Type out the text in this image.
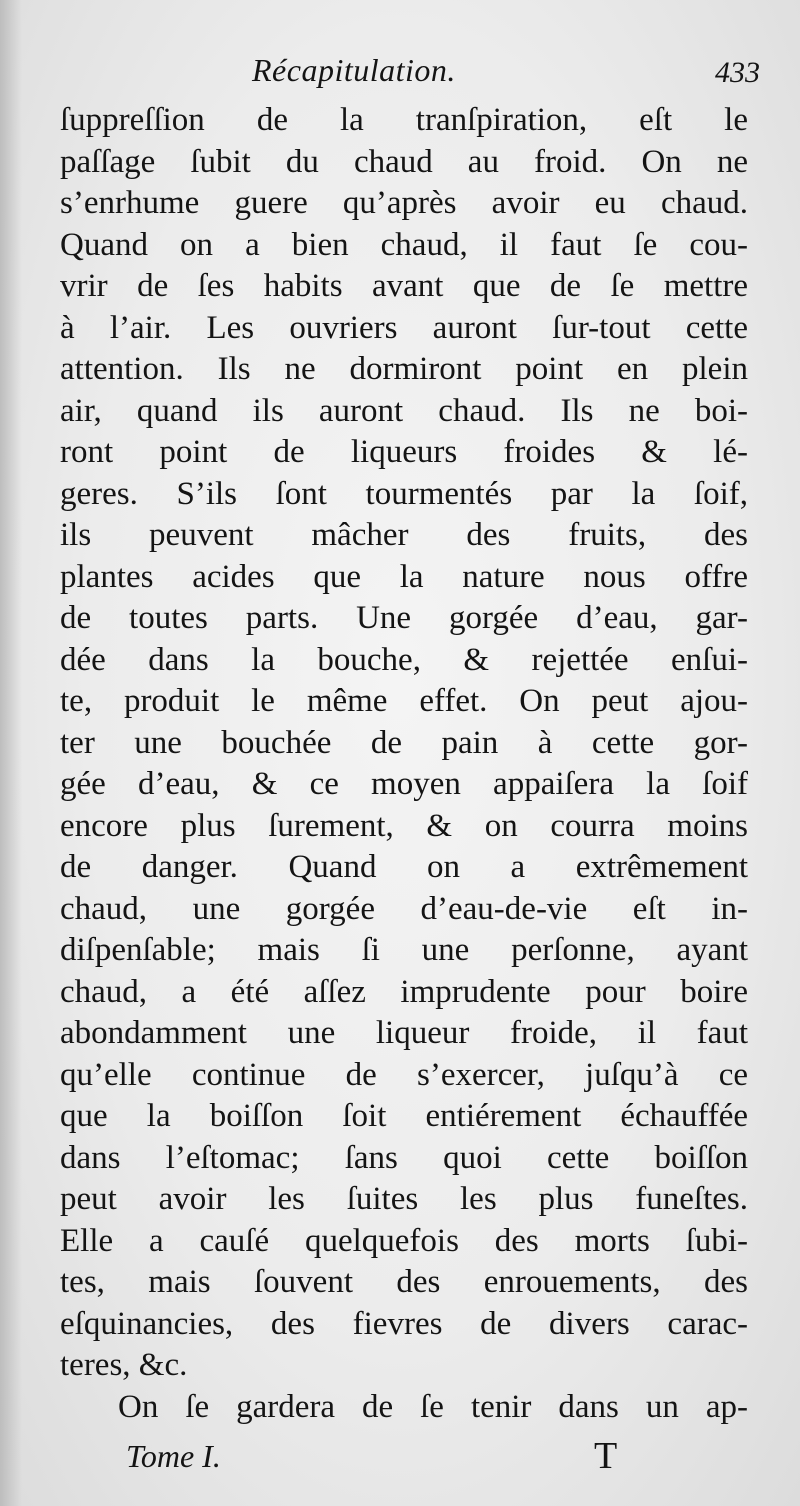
Récapitulation.	433
ſuppreſſion de la tranſpiration, eſt le
paſſage ſubit du chaud au froid. On ne
s’enrhume guere qu’après avoir eu chaud.
Quand on a bien chaud, il faut ſe cou-
vrir de ſes habits avant que de ſe mettre
à l’air. Les ouvriers auront ſur-tout cette
attention. Ils ne dormiront point en plein
air, quand ils auront chaud. Ils ne boi-
ront point de liqueurs froides & lé-
geres. S’ils ſont tourmentés par la ſoif,
ils peuvent mâcher des fruits, des
plantes acides que la nature nous offre
de toutes parts. Une gorgée d’eau, gar-
dée dans la bouche, & rejettée enſui-
te, produit le même effet. On peut ajou-
ter une bouchée de pain à cette gor-
gée d’eau, & ce moyen appaiſera la ſoif
encore plus ſurement, & on courra moins
de danger. Quand on a extrêmement
chaud, une gorgée d’eau-de-vie eſt in-
diſpenſable; mais ſi une perſonne, ayant
chaud, a été aſſez imprudente pour boire
abondamment une liqueur froide, il faut
qu’elle continue de s’exercer, juſqu’à ce
que la boiſſon ſoit entiérement échauffée
dans l’eſtomac; ſans quoi cette boiſſon
peut avoir les ſuites les plus funeſtes.
Elle a cauſé quelquefois des morts ſubi-
tes, mais ſouvent des enrouements, des
eſquinancies, des fievres de divers carac-
teres, &c.
On ſe gardera de ſe tenir dans un ap-
Tome I.	T
